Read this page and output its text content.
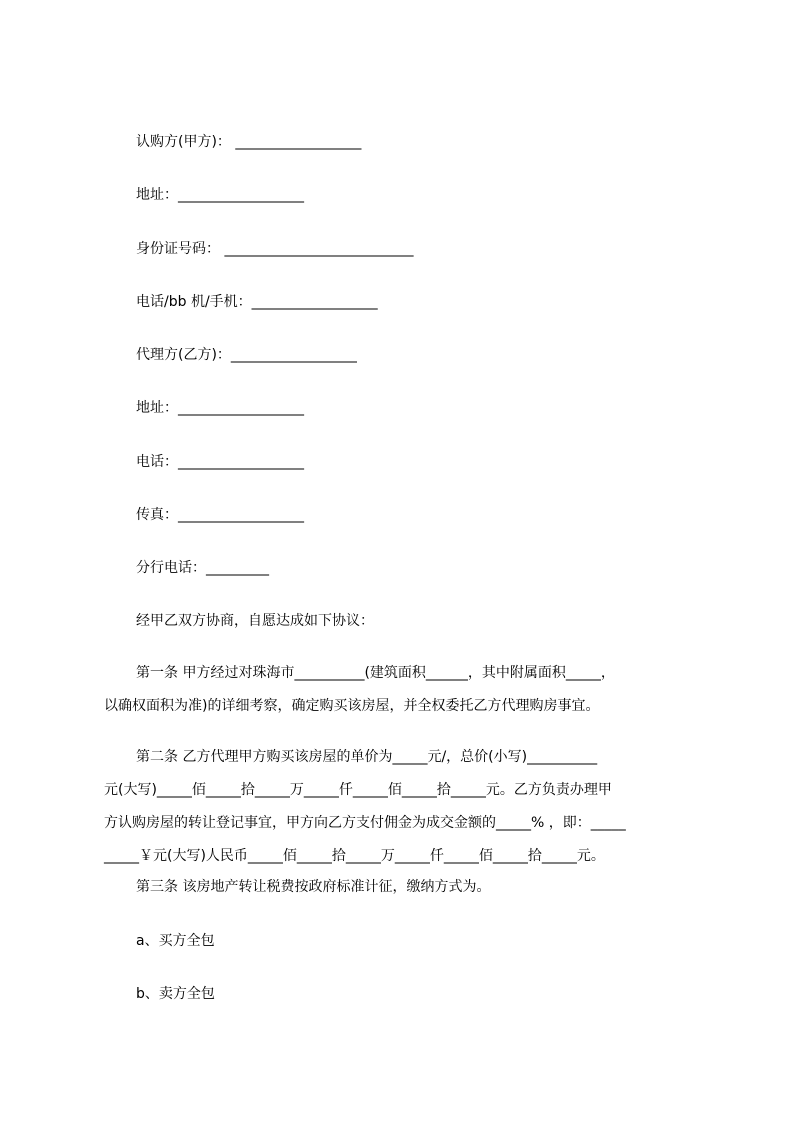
认购方(甲方)： __________________
地址：__________________
身份证号码： ___________________________
电话/bb 机/手机：__________________
代理方(乙方)：__________________
地址：__________________
电话：__________________
传真：__________________
分行电话：_________
经甲乙双方协商，自愿达成如下协议：
第一条 甲方经过对珠海市__________(建筑面积______，其中附属面积_____，
以确权面积为准)的详细考察，确定购买该房屋，并全权委托乙方代理购房事宜。
第二条 乙方代理甲方购买该房屋的单价为_____元/，总价(小写)__________
元(大写)_____佰_____拾_____万_____仟_____佰_____拾_____元。乙方负责办理甲
方认购房屋的转让登记事宜，甲方向乙方支付佣金为成交金额的_____% ，即：_____
_____￥元(大写)人民币_____佰_____拾_____万_____仟_____佰_____拾_____元。
第三条 该房地产转让税费按政府标准计征，缴纳方式为。
a、买方全包
b、卖方全包
